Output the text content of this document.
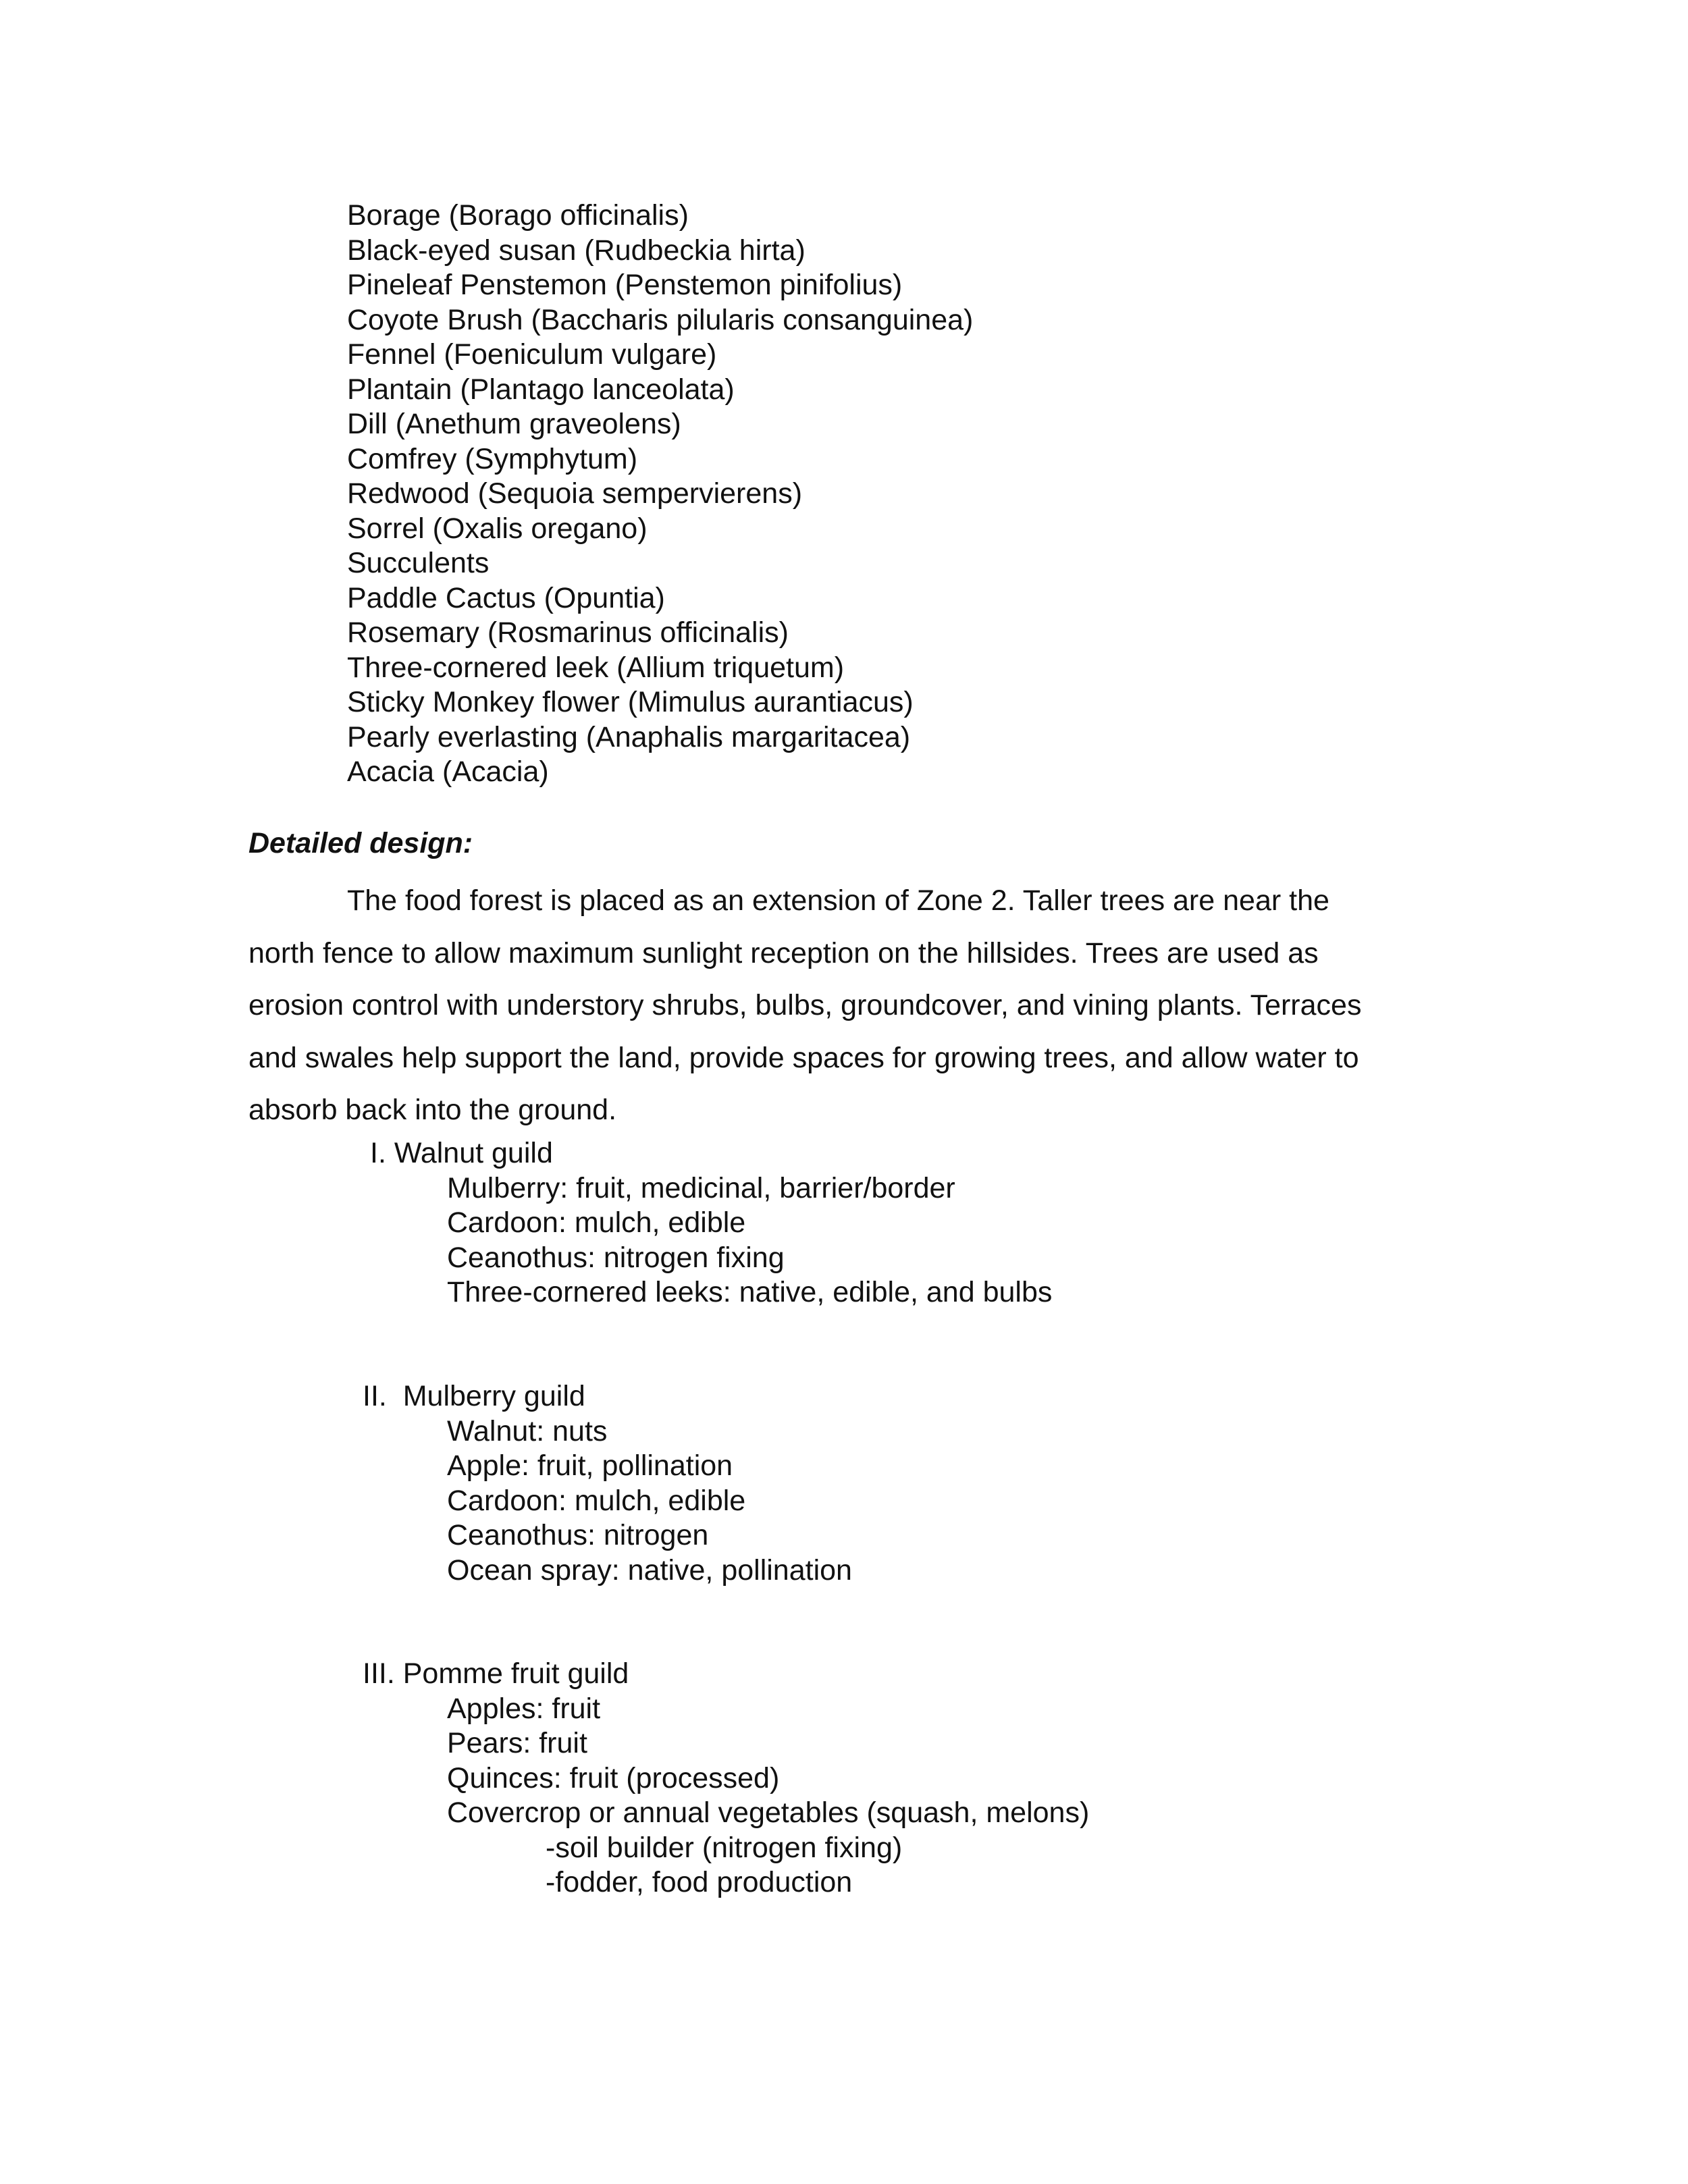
Borage (Borago officinalis)
Black-eyed susan (Rudbeckia hirta)
Pineleaf Penstemon (Penstemon pinifolius)
Coyote Brush (Baccharis pilularis consanguinea)
Fennel (Foeniculum vulgare)
Plantain (Plantago lanceolata)
Dill (Anethum graveolens)
Comfrey (Symphytum)
Redwood (Sequoia sempervierens)
Sorrel (Oxalis oregano)
Succulents
Paddle Cactus (Opuntia)
Rosemary (Rosmarinus officinalis)
Three-cornered leek (Allium triquetum)
Sticky Monkey flower (Mimulus aurantiacus)
Pearly everlasting (Anaphalis margaritacea)
Acacia (Acacia)
Detailed design:

The food forest is placed as an extension of Zone 2. Taller trees are near the
north fence to allow maximum sunlight reception on the hillsides. Trees are used as
erosion control with understory shrubs, bulbs, groundcover, and vining plants. Terraces
and swales help support the land, provide spaces for growing trees, and allow water to
absorb back into the ground.

I. Walnut guild
Mulberry: fruit, medicinal, barrier/border
Cardoon: mulch, edible
Ceanothus: nitrogen fixing
Three-cornered leeks: native, edible, and bulbs
II.  Mulberry guild
Walnut: nuts
Apple: fruit, pollination
Cardoon: mulch, edible
Ceanothus: nitrogen
Ocean spray: native, pollination
III. Pomme fruit guild
Apples: fruit
Pears: fruit
Quinces: fruit (processed)
Covercrop or annual vegetables (squash, melons)
-soil builder (nitrogen fixing)
-fodder, food production
